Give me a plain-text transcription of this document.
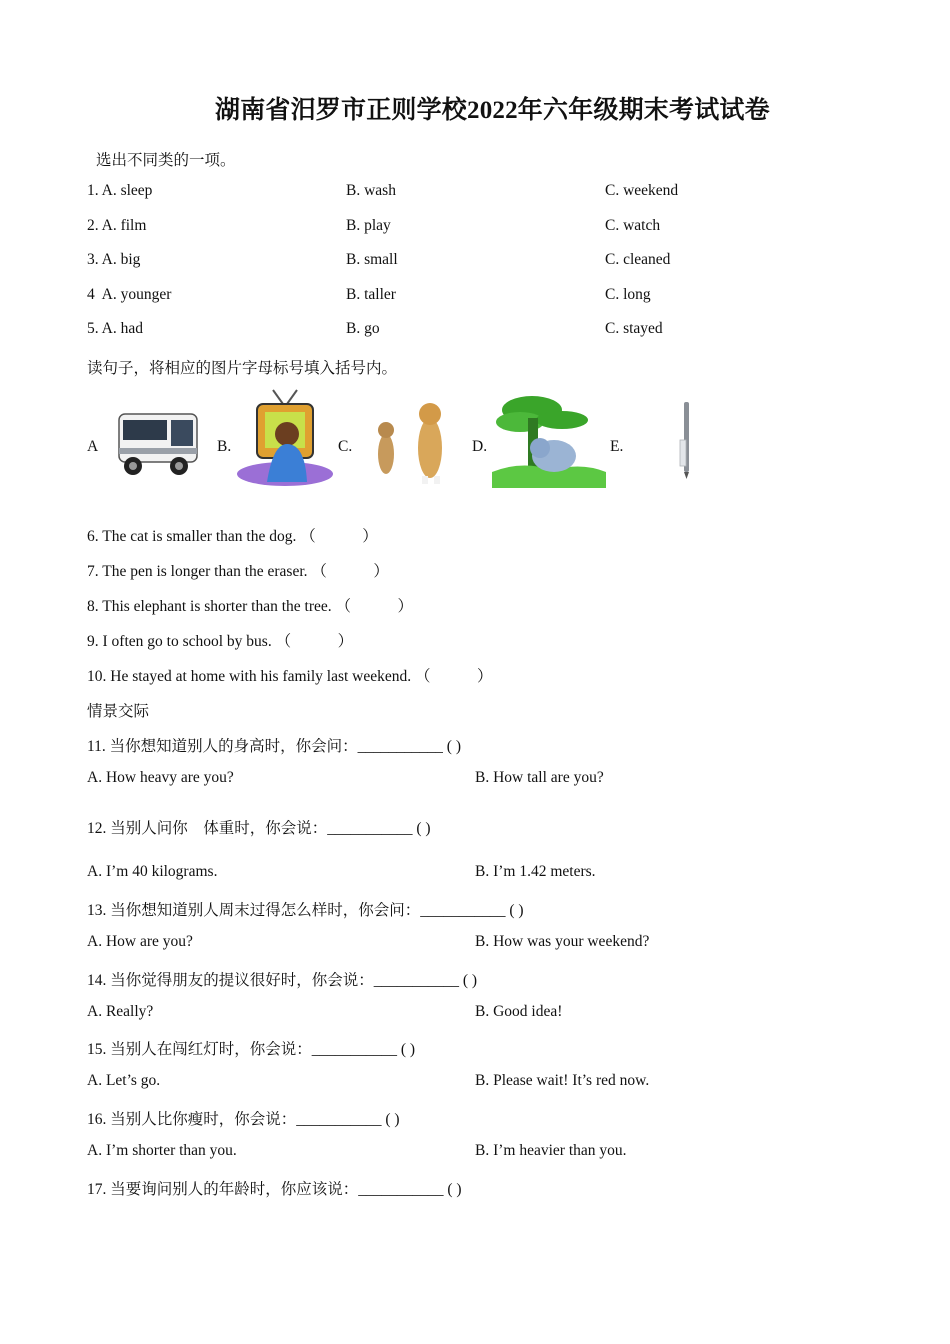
湖南省汨罗市正则学校2022年六年级期末考试试卷
选出不同类的一项。
1. A. sleep	B. wash	C. weekend
2. A. film	B. play	C. watch
3. A. big	B. small	C. cleaned
4  A. younger	B. taller	C. long
5. A. had	B. go	C. stayed
读句子，将相应的图片字母标号填入括号内。
A	B.	C.	D.	E.
6. The cat is smaller than the dog. （　　　）
7. The pen is longer than the eraser. （　　　）
8. This elephant is shorter than the tree. （　　　）
9. I often go to school by bus. （　　　）
10. He stayed at home with his family last weekend. （　　　）
情景交际
11. 当你想知道别人的身高时，你会问：___________ ( )
A. How heavy are you?	B. How tall are you?
12. 当别人问你　体重时，你会说：___________ ( )
A. I’m 40 kilograms.	B. I’m 1.42 meters.
13. 当你想知道别人周末过得怎么样时，你会问：___________ ( )
A. How are you?	B. How was your weekend?
14. 当你觉得朋友的提议很好时，你会说：___________ ( )
A. Really?	B. Good idea!
15. 当别人在闯红灯时，你会说：___________ ( )
A. Let’s go.	B. Please wait! It’s red now.
16. 当别人比你瘦时，你会说：___________ ( )
A. I’m shorter than you.	B. I’m heavier than you.
17. 当要询问别人的年龄时，你应该说：___________ ( )
